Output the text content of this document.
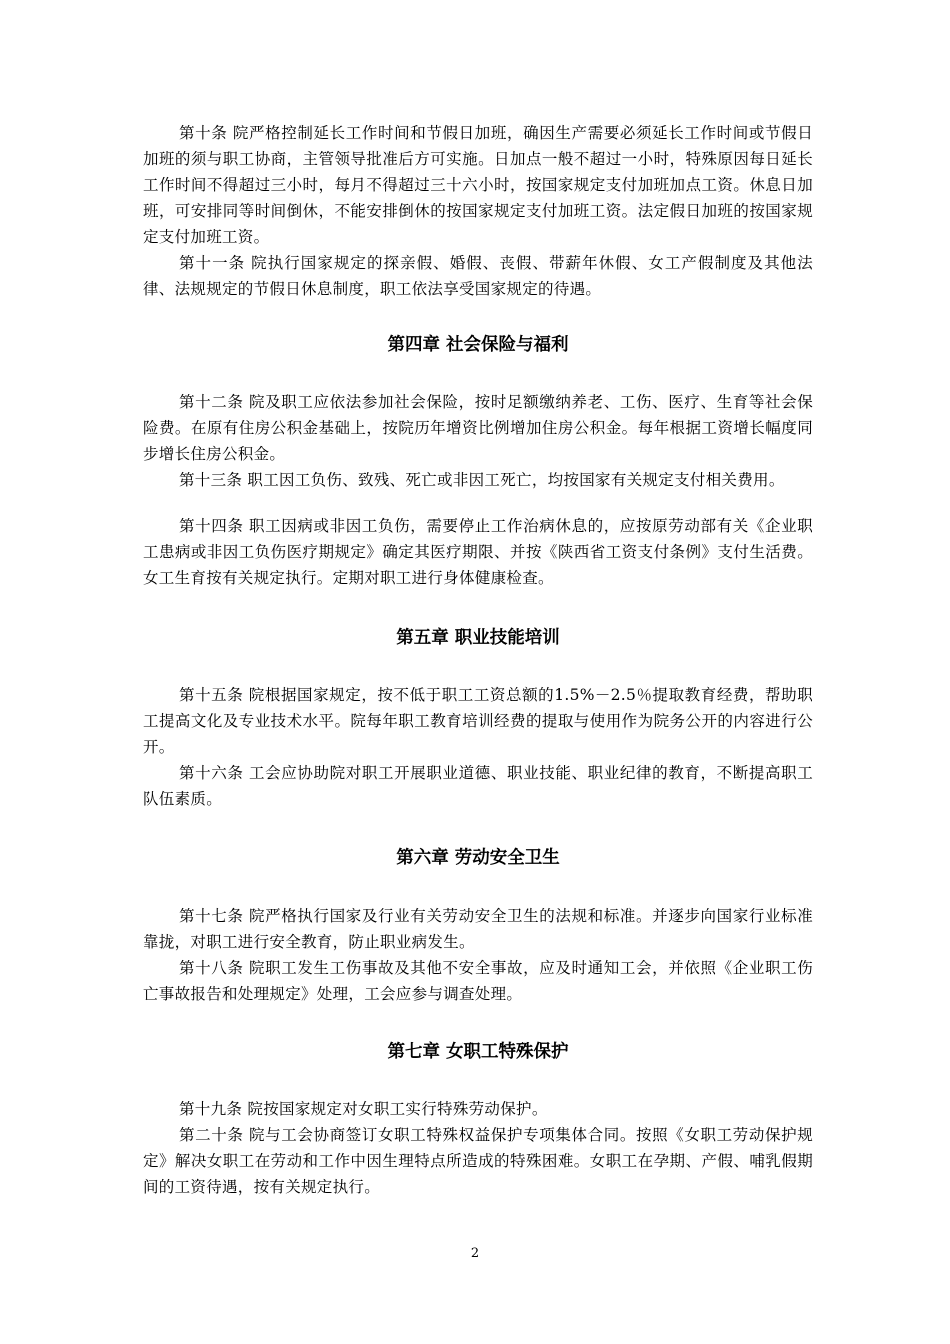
第十条 院严格控制延长工作时间和节假日加班，确因生产需要必须延长工作时间或节假日加班的须与职工协商，主管领导批准后方可实施。日加点一般不超过一小时，特殊原因每日延长工作时间不得超过三小时，每月不得超过三十六小时，按国家规定支付加班加点工资。休息日加班，可安排同等时间倒休，不能安排倒休的按国家规定支付加班工资。法定假日加班的按国家规定支付加班工资。

第十一条 院执行国家规定的探亲假、婚假、丧假、带薪年休假、女工产假制度及其他法律、法规规定的节假日休息制度，职工依法享受国家规定的待遇。

第四章 社会保险与福利

第十二条 院及职工应依法参加社会保险，按时足额缴纳养老、工伤、医疗、生育等社会保险费。在原有住房公积金基础上，按院历年增资比例增加住房公积金。每年根据工资增长幅度同步增长住房公积金。

第十三条 职工因工负伤、致残、死亡或非因工死亡，均按国家有关规定支付相关费用。

第十四条 职工因病或非因工负伤，需要停止工作治病休息的，应按原劳动部有关《企业职工患病或非因工负伤医疗期规定》确定其医疗期限、并按《陕西省工资支付条例》支付生活费。女工生育按有关规定执行。定期对职工进行身体健康检查。

第五章 职业技能培训

第十五条 院根据国家规定，按不低于职工工资总额的1.5%－2.5％提取教育经费，帮助职工提高文化及专业技术水平。院每年职工教育培训经费的提取与使用作为院务公开的内容进行公开。

第十六条 工会应协助院对职工开展职业道德、职业技能、职业纪律的教育，不断提高职工队伍素质。

第六章 劳动安全卫生

第十七条 院严格执行国家及行业有关劳动安全卫生的法规和标准。并逐步向国家行业标准靠拢，对职工进行安全教育，防止职业病发生。

第十八条 院职工发生工伤事故及其他不安全事故，应及时通知工会，并依照《企业职工伤亡事故报告和处理规定》处理，工会应参与调查处理。

第七章 女职工特殊保护

第十九条 院按国家规定对女职工实行特殊劳动保护。

第二十条 院与工会协商签订女职工特殊权益保护专项集体合同。按照《女职工劳动保护规定》解决女职工在劳动和工作中因生理特点所造成的特殊困难。女职工在孕期、产假、哺乳假期间的工资待遇，按有关规定执行。

2
